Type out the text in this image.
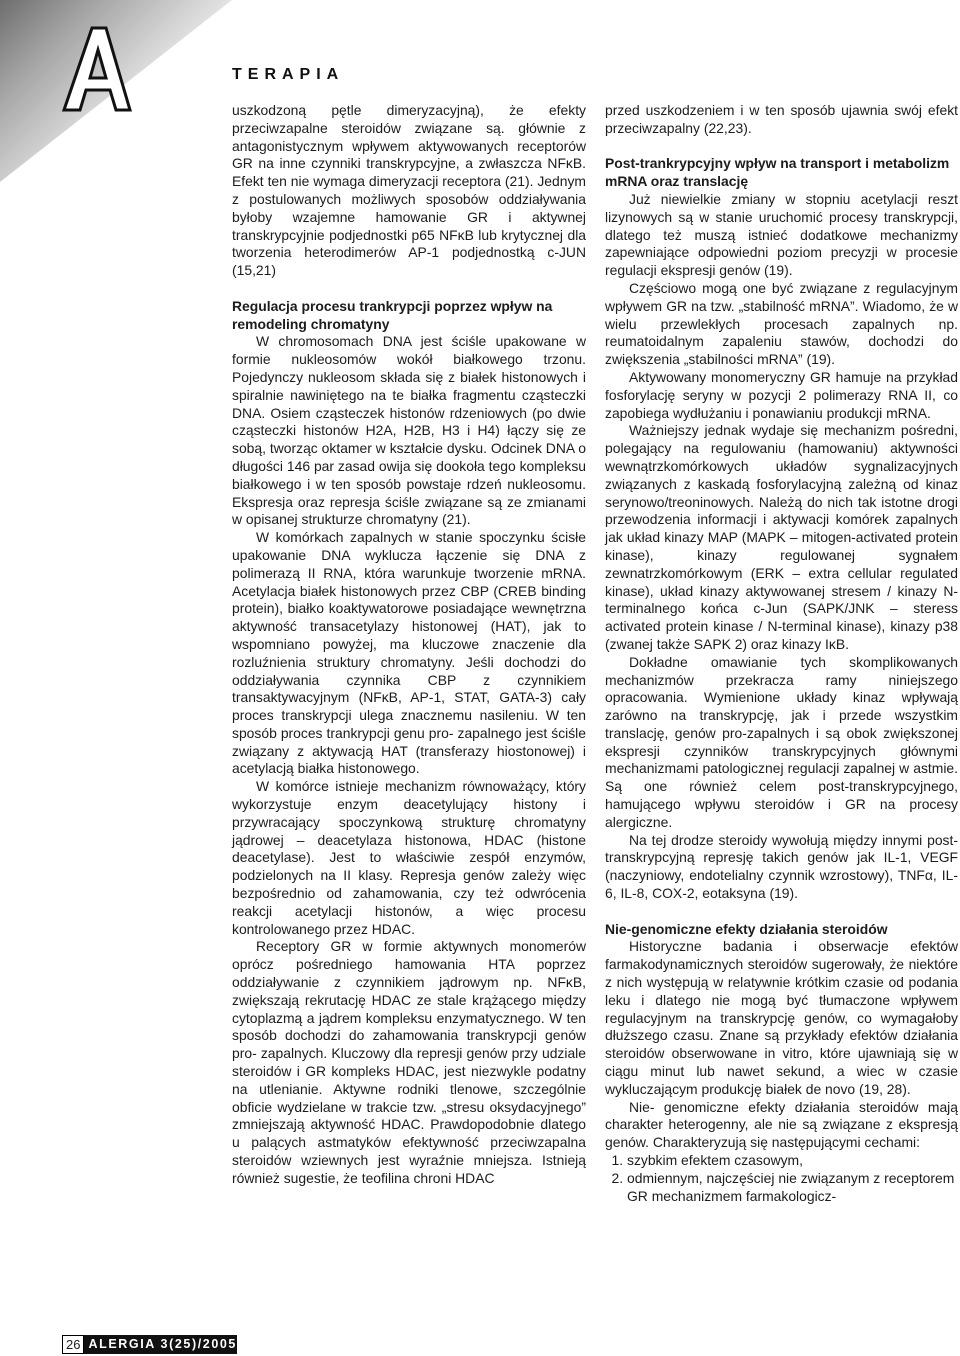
TERAPIA

uszkodzoną pętle dimeryzacyjną), że efekty przeciwzapalne steroidów związane są. głównie z antagonistycznym wpływem aktywowanych receptorów GR na inne czynniki transkrypcyjne, a zwłaszcza NFκB. Efekt ten nie wymaga dimeryzacji receptora (21). Jednym z postulowanych możliwych sposobów oddziaływania byłoby wzajemne hamowanie GR i aktywnej transkrypcyjnie podjednostki p65 NFκB lub krytycznej dla tworzenia heterodimerów AP-1 podjednostką c-JUN (15,21)

Regulacja procesu trankrypcji poprzez wpływ na remodeling chromatyny

W chromosomach DNA jest ściśle upakowane w formie nukleosomów wokół białkowego trzonu. Pojedynczy nukleosom składa się z białek histonowych i spiralnie nawiniętego na te białka fragmentu cząsteczki DNA. Osiem cząsteczek histonów rdzeniowych (po dwie cząsteczki histonów H2A, H2B, H3 i H4) łączy się ze sobą, tworząc oktamer w kształcie dysku. Odcinek DNA o długości 146 par zasad owija się dookoła tego kompleksu białkowego i w ten sposób powstaje rdzeń nukleosomu. Ekspresja oraz represja ściśle związane są ze zmianami w opisanej strukturze chromatyny (21).

W komórkach zapalnych w stanie spoczynku ścisłe upakowanie DNA wyklucza łączenie się DNA z polimerazą II RNA, która warunkuje tworzenie mRNA. Acetylacja białek histonowych przez CBP (CREB binding protein), białko koaktywatorowe posiadające wewnętrzna aktywność transacetylazy histonowej (HAT), jak to wspomniano powyżej, ma kluczowe znaczenie dla rozluźnienia struktury chromatyny. Jeśli dochodzi do oddziaływania czynnika CBP z czynnikiem transaktywacyjnym (NFκB, AP-1, STAT, GATA-3) cały proces transkrypcji ulega znacznemu nasileniu. W ten sposób proces trankrypcji genu pro- zapalnego jest ściśle związany z aktywacją HAT (transferazy hiostonowej) i acetylacją białka histonowego.

W komórce istnieje mechanizm równoważący, który wykorzystuje enzym deacetylujący histony i przywracający spoczynkową strukturę chromatyny jądrowej – deacetylaza histonowa, HDAC (histone deacetylase). Jest to właściwie zespół enzymów, podzielonych na II klasy. Represja genów zależy więc bezpośrednio od zahamowania, czy też odwrócenia reakcji acetylacji histonów, a więc procesu kontrolowanego przez HDAC.

Receptory GR w formie aktywnych monomerów oprócz pośredniego hamowania HTA poprzez oddziaływanie z czynnikiem jądrowym np. NFκB, zwiększają rekrutację HDAC ze stale krążącego między cytoplazmą a jądrem kompleksu enzymatycznego. W ten sposób dochodzi do zahamowania transkrypcji genów pro- zapalnych. Kluczowy dla represji genów przy udziale steroidów i GR kompleks HDAC, jest niezwykle podatny na utlenianie. Aktywne rodniki tlenowe, szczególnie obficie wydzielane w trakcie tzw. „stresu oksydacyjnego” zmniejszają aktywność HDAC. Prawdopodobnie dlatego u palących astmatyków efektywność przeciwzapalna steroidów wziewnych jest wyraźnie mniejsza. Istnieją również sugestie, że teofilina chroni HDAC

przed uszkodzeniem i w ten sposób ujawnia swój efekt przeciwzapalny (22,23).

Post-trankrypcyjny wpływ na transport i metabolizm mRNA oraz translację

Już niewielkie zmiany w stopniu acetylacji reszt lizynowych są w stanie uruchomić procesy transkrypcji, dlatego też muszą istnieć dodatkowe mechanizmy zapewniające odpowiedni poziom precyzji w procesie regulacji ekspresji genów (19).

Częściowo mogą one być związane z regulacyjnym wpływem GR na tzw. „stabilność mRNA”. Wiadomo, że w wielu przewlekłych procesach zapalnych np. reumatoidalnym zapaleniu stawów, dochodzi do zwiększenia „stabilności mRNA” (19).

Aktywowany monomeryczny GR hamuje na przykład fosforylację seryny w pozycji 2 polimerazy RNA II, co zapobiega wydłużaniu i ponawianiu produkcji mRNA.

Ważniejszy jednak wydaje się mechanizm pośredni, polegający na regulowaniu (hamowaniu) aktywności wewnątrzkomórkowych układów sygnalizacyjnych związanych z kaskadą fosforylacyjną zależną od kinaz serynowo/treoninowych. Należą do nich tak istotne drogi przewodzenia informacji i aktywacji komórek zapalnych jak układ kinazy MAP (MAPK – mitogen-activated protein kinase), kinazy regulowanej sygnałem zewnatrzkomórkowym (ERK – extra cellular regulated kinase), układ kinazy aktywowanej stresem / kinazy N-terminalnego końca c-Jun (SAPK/JNK – steress activated protein kinase / N-terminal kinase), kinazy p38 (zwanej także SAPK 2) oraz kinazy IκB.

Dokładne omawianie tych skomplikowanych mechanizmów przekracza ramy niniejszego opracowania. Wymienione układy kinaz wpływają zarówno na transkrypcję, jak i przede wszystkim translację, genów pro-zapalnych i są obok zwiększonej ekspresji czynników transkrypcyjnych głównymi mechanizmami patologicznej regulacji zapalnej w astmie. Są one również celem post-transkrypcyjnego, hamującego wpływu steroidów i GR na procesy alergiczne.

Na tej drodze steroidy wywołują między innymi post- transkrypcyjną represję takich genów jak IL-1, VEGF (naczyniowy, endotelialny czynnik wzrostowy), TNFα, IL-6, IL-8, COX-2, eotaksyna (19).

Nie-genomiczne efekty działania steroidów

Historyczne badania i obserwacje efektów farmakodynamicznych steroidów sugerowały, że niektóre z nich występują w relatywnie krótkim czasie od podania leku i dlatego nie mogą być tłumaczone wpływem regulacyjnym na transkrypcję genów, co wymagałoby dłuższego czasu. Znane są przykłady efektów działania steroidów obserwowane in vitro, które ujawniają się w ciągu minut lub nawet sekund, a wiec w czasie wykluczającym produkcję białek de novo (19, 28).

Nie- genomiczne efekty działania steroidów mają charakter heterogenny, ale nie są związane z ekspresją genów. Charakteryzują się następującymi cechami:

1. szybkim efektem czasowym,
2. odmiennym, najczęściej nie związanym z receptorem GR mechanizmem farmakologicz-
26 ALERGIA 3(25)/2005
